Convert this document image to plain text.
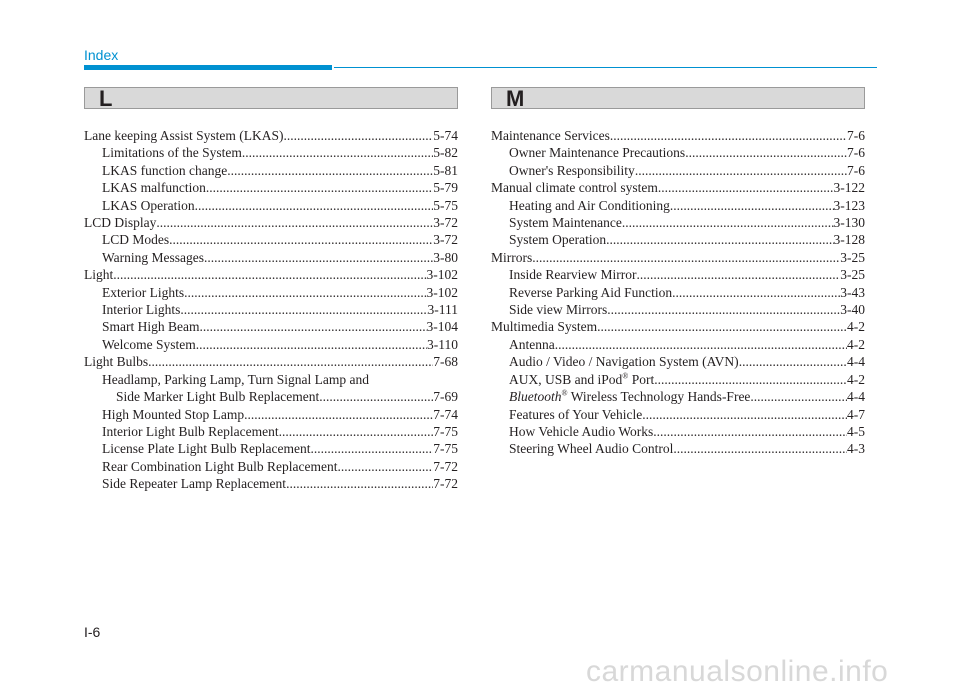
Index
L
Lane keeping Assist System (LKAS) .....	5-74
Limitations of the System .....	5-82
LKAS function change .....	5-81
LKAS malfunction .....	5-79
LKAS Operation .....	5-75
LCD Display .....	3-72
LCD Modes .....	3-72
Warning Messages .....	3-80
Light .....	3-102
Exterior Lights .....	3-102
Interior Lights .....	3-111
Smart High Beam .....	3-104
Welcome System .....	3-110
Light Bulbs .....	7-68
Headlamp, Parking Lamp, Turn Signal Lamp and
Side Marker Light Bulb Replacement .....	7-69
High Mounted Stop Lamp .....	7-74
Interior Light Bulb Replacement .....	7-75
License Plate Light Bulb Replacement .....	7-75
Rear Combination Light Bulb Replacement .....	7-72
Side Repeater Lamp Replacement .....	7-72
M
Maintenance Services .....	7-6
Owner Maintenance Precautions .....	7-6
Owner's Responsibility .....	7-6
Manual climate control system .....	3-122
Heating and Air Conditioning .....	3-123
System Maintenance .....	3-130
System Operation .....	3-128
Mirrors .....	3-25
Inside Rearview Mirror .....	3-25
Reverse Parking Aid Function .....	3-43
Side view Mirrors .....	3-40
Multimedia System .....	4-2
Antenna .....	4-2
Audio / Video / Navigation System (AVN) .....	4-4
AUX, USB and iPod® Port .....	4-2
Bluetooth® Wireless Technology Hands-Free .....	4-4
Features of Your Vehicle .....	4-7
How Vehicle Audio Works .....	4-5
Steering Wheel Audio Control .....	4-3
I-6
carmanualsonline.info
